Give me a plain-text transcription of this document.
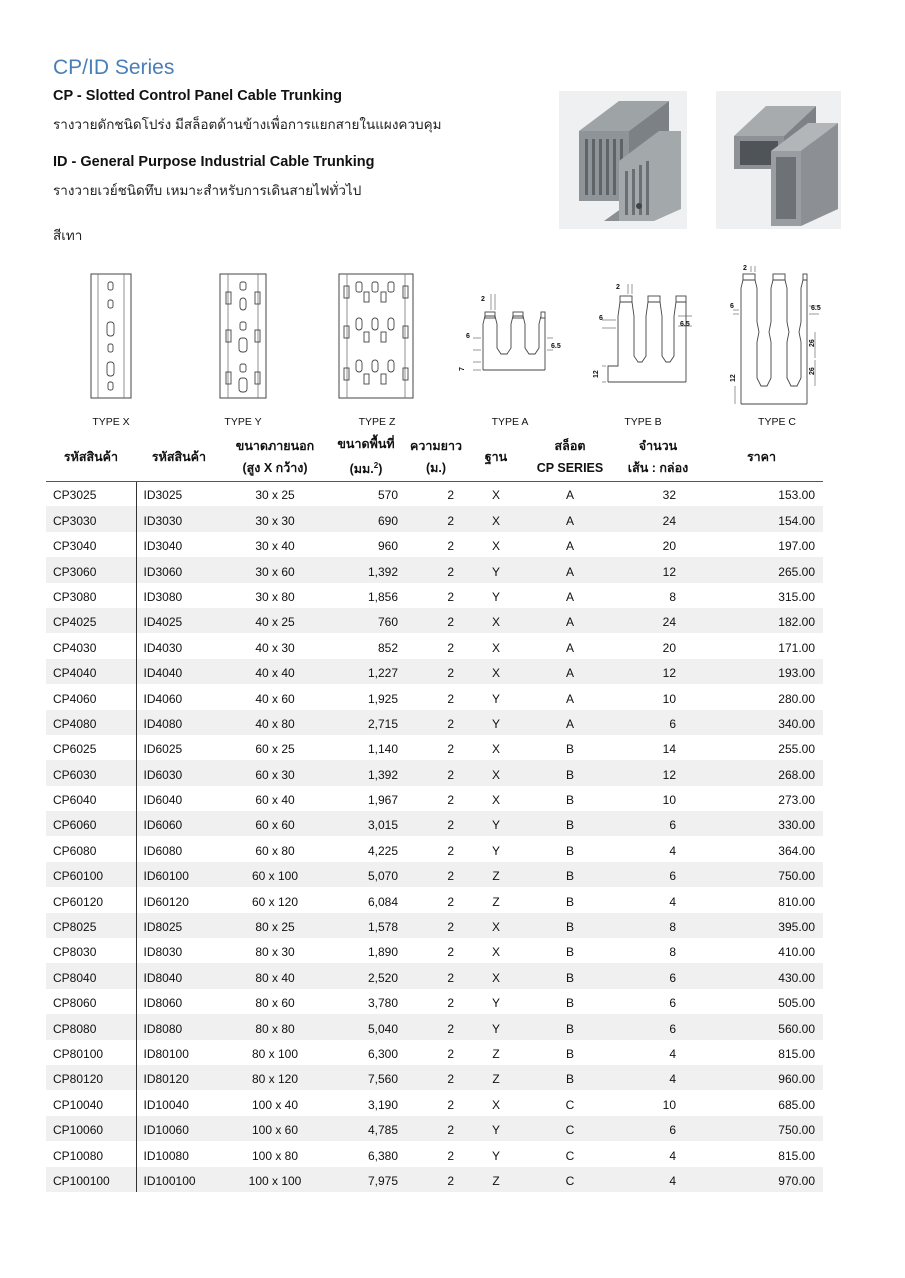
CP/ID Series
CP - Slotted Control Panel Cable Trunking
รางวายดักชนิดโปร่ง มีสล็อตด้านข้างเพื่อการแยกสายในแผงควบคุม
ID - General Purpose Industrial Cable Trunking
รางวายเวย์ชนิดทึบ เหมาะสำหรับการเดินสายไฟทั่วไป
สีเทา
2
6
6.5
7
2
6
6.5
12
2
6	6.5
26
26
12
TYPE X	TYPE Y	TYPE Z	TYPE A	TYPE B	TYPE C
รหัสสินค้า	รหัสสินค้า	ขนาดภายนอก
(สูง X กว้าง)	ขนาดพื้นที่
(มม.$^2$)	ความยาว
(ม.)	ฐาน	สล็อต
CP SERIES	จำนวน
เส้น : กล่อง	ราคา
CP3025	ID3025	30 x 25	570	2	X	A	32	153.00
CP3030	ID3030	30 x 30	690	2	X	A	24	154.00
CP3040	ID3040	30 x 40	960	2	X	A	20	197.00
CP3060	ID3060	30 x 60	1,392	2	Y	A	12	265.00
CP3080	ID3080	30 x 80	1,856	2	Y	A	8	315.00
CP4025	ID4025	40 x 25	760	2	X	A	24	182.00
CP4030	ID4030	40 x 30	852	2	X	A	20	171.00
CP4040	ID4040	40 x 40	1,227	2	X	A	12	193.00
CP4060	ID4060	40 x 60	1,925	2	Y	A	10	280.00
CP4080	ID4080	40 x 80	2,715	2	Y	A	6	340.00
CP6025	ID6025	60 x 25	1,140	2	X	B	14	255.00
CP6030	ID6030	60 x 30	1,392	2	X	B	12	268.00
CP6040	ID6040	60 x 40	1,967	2	X	B	10	273.00
CP6060	ID6060	60 x 60	3,015	2	Y	B	6	330.00
CP6080	ID6080	60 x 80	4,225	2	Y	B	4	364.00
CP60100	ID60100	60 x 100	5,070	2	Z	B	6	750.00
CP60120	ID60120	60 x 120	6,084	2	Z	B	4	810.00
CP8025	ID8025	80 x 25	1,578	2	X	B	8	395.00
CP8030	ID8030	80 x 30	1,890	2	X	B	8	410.00
CP8040	ID8040	80 x 40	2,520	2	X	B	6	430.00
CP8060	ID8060	80 x 60	3,780	2	Y	B	6	505.00
CP8080	ID8080	80 x 80	5,040	2	Y	B	6	560.00
CP80100	ID80100	80 x 100	6,300	2	Z	B	4	815.00
CP80120	ID80120	80 x 120	7,560	2	Z	B	4	960.00
CP10040	ID10040	100 x 40	3,190	2	X	C	10	685.00
CP10060	ID10060	100 x 60	4,785	2	Y	C	6	750.00
CP10080	ID10080	100 x 80	6,380	2	Y	C	4	815.00
CP100100	ID100100	100 x 100	7,975	2	Z	C	4	970.00
